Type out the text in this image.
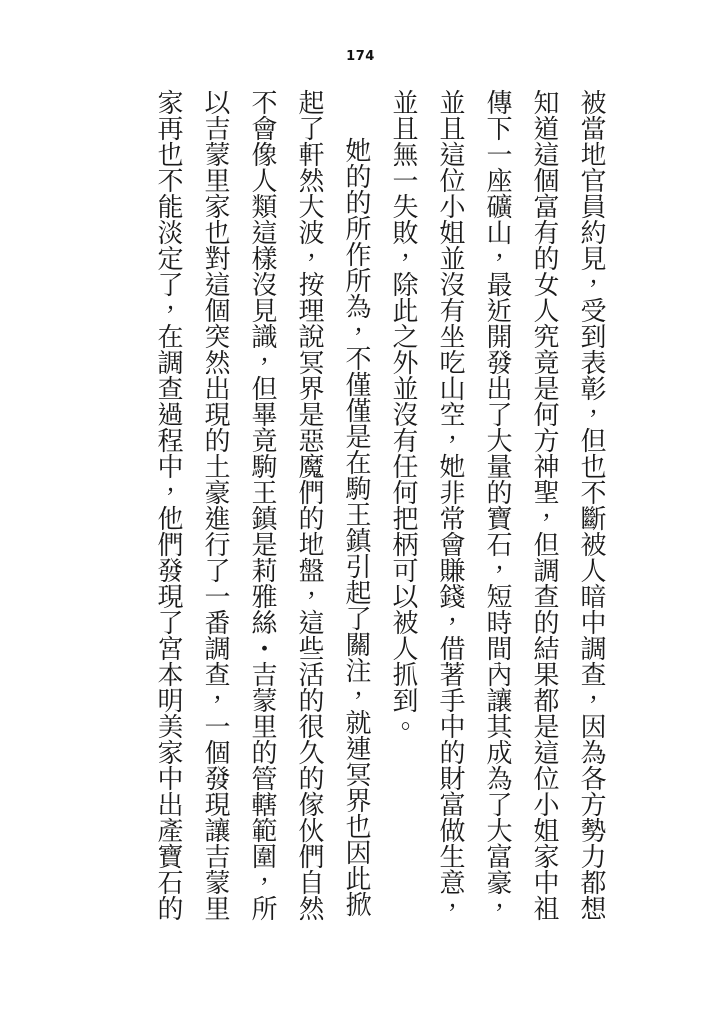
174
被當地官員約見，受到表彰，但也不斷被人暗中調查，因為各方勢力都想
知道這個富有的女人究竟是何方神聖，但調查的結果都是這位小姐家中祖
傳下一座礦山，最近開發出了大量的寶石，短時間內讓其成為了大富豪，
並且這位小姐並沒有坐吃山空，她非常會賺錢，借著手中的財富做生意，
並且無一失敗，除此之外並沒有任何把柄可以被人抓到。
她的的所作所為，不僅僅是在駒王鎮引起了關注，就連冥界也因此掀
起了軒然大波，按理說冥界是惡魔們的地盤，這些活的很久的傢伙們自然
不會像人類這樣沒見識，但畢竟駒王鎮是莉雅絲・吉蒙里的管轄範圍，所
以吉蒙里家也對這個突然出現的土豪進行了一番調查，一個發現讓吉蒙里
家再也不能淡定了，在調查過程中，他們發現了宮本明美家中出產寶石的
